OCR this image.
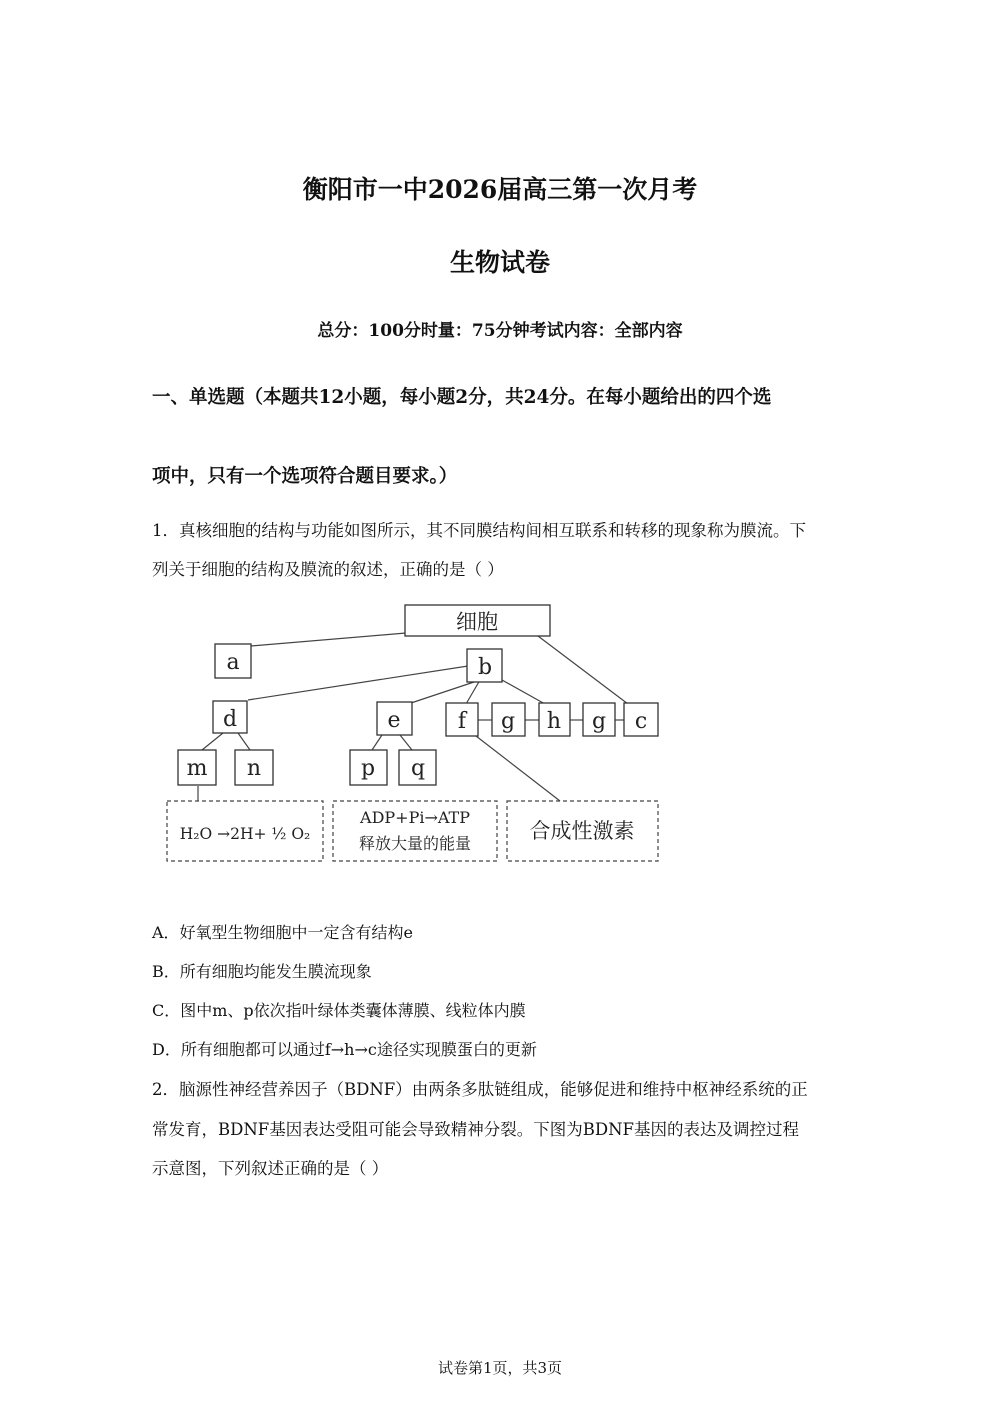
衡阳市一中2026届高三第一次月考
生物试卷
总分：100分时量：75分钟考试内容：全部内容
一、单选题（本题共12小题，每小题2分，共24分。在每小题给出的四个选
项中，只有一个选项符合题目要求。）
1．真核细胞的结构与功能如图所示，其不同膜结构间相互联系和转移的现象称为膜流。下
列关于细胞的结构及膜流的叙述，正确的是（ ）
细胞
a	b
d	e	f g h g c
m n	p q
H₂O →2H+ ½ O₂
ADP+Pi→ATP
释放大量的能量
合成性激素
A．好氧型生物细胞中一定含有结构e
B．所有细胞均能发生膜流现象
C．图中m、p依次指叶绿体类囊体薄膜、线粒体内膜
D．所有细胞都可以通过f→h→c途径实现膜蛋白的更新
2．脑源性神经营养因子（BDNF）由两条多肽链组成，能够促进和维持中枢神经系统的正
常发育，BDNF基因表达受阻可能会导致精神分裂。下图为BDNF基因的表达及调控过程
示意图，下列叙述正确的是（ ）
试卷第1页，共3页
